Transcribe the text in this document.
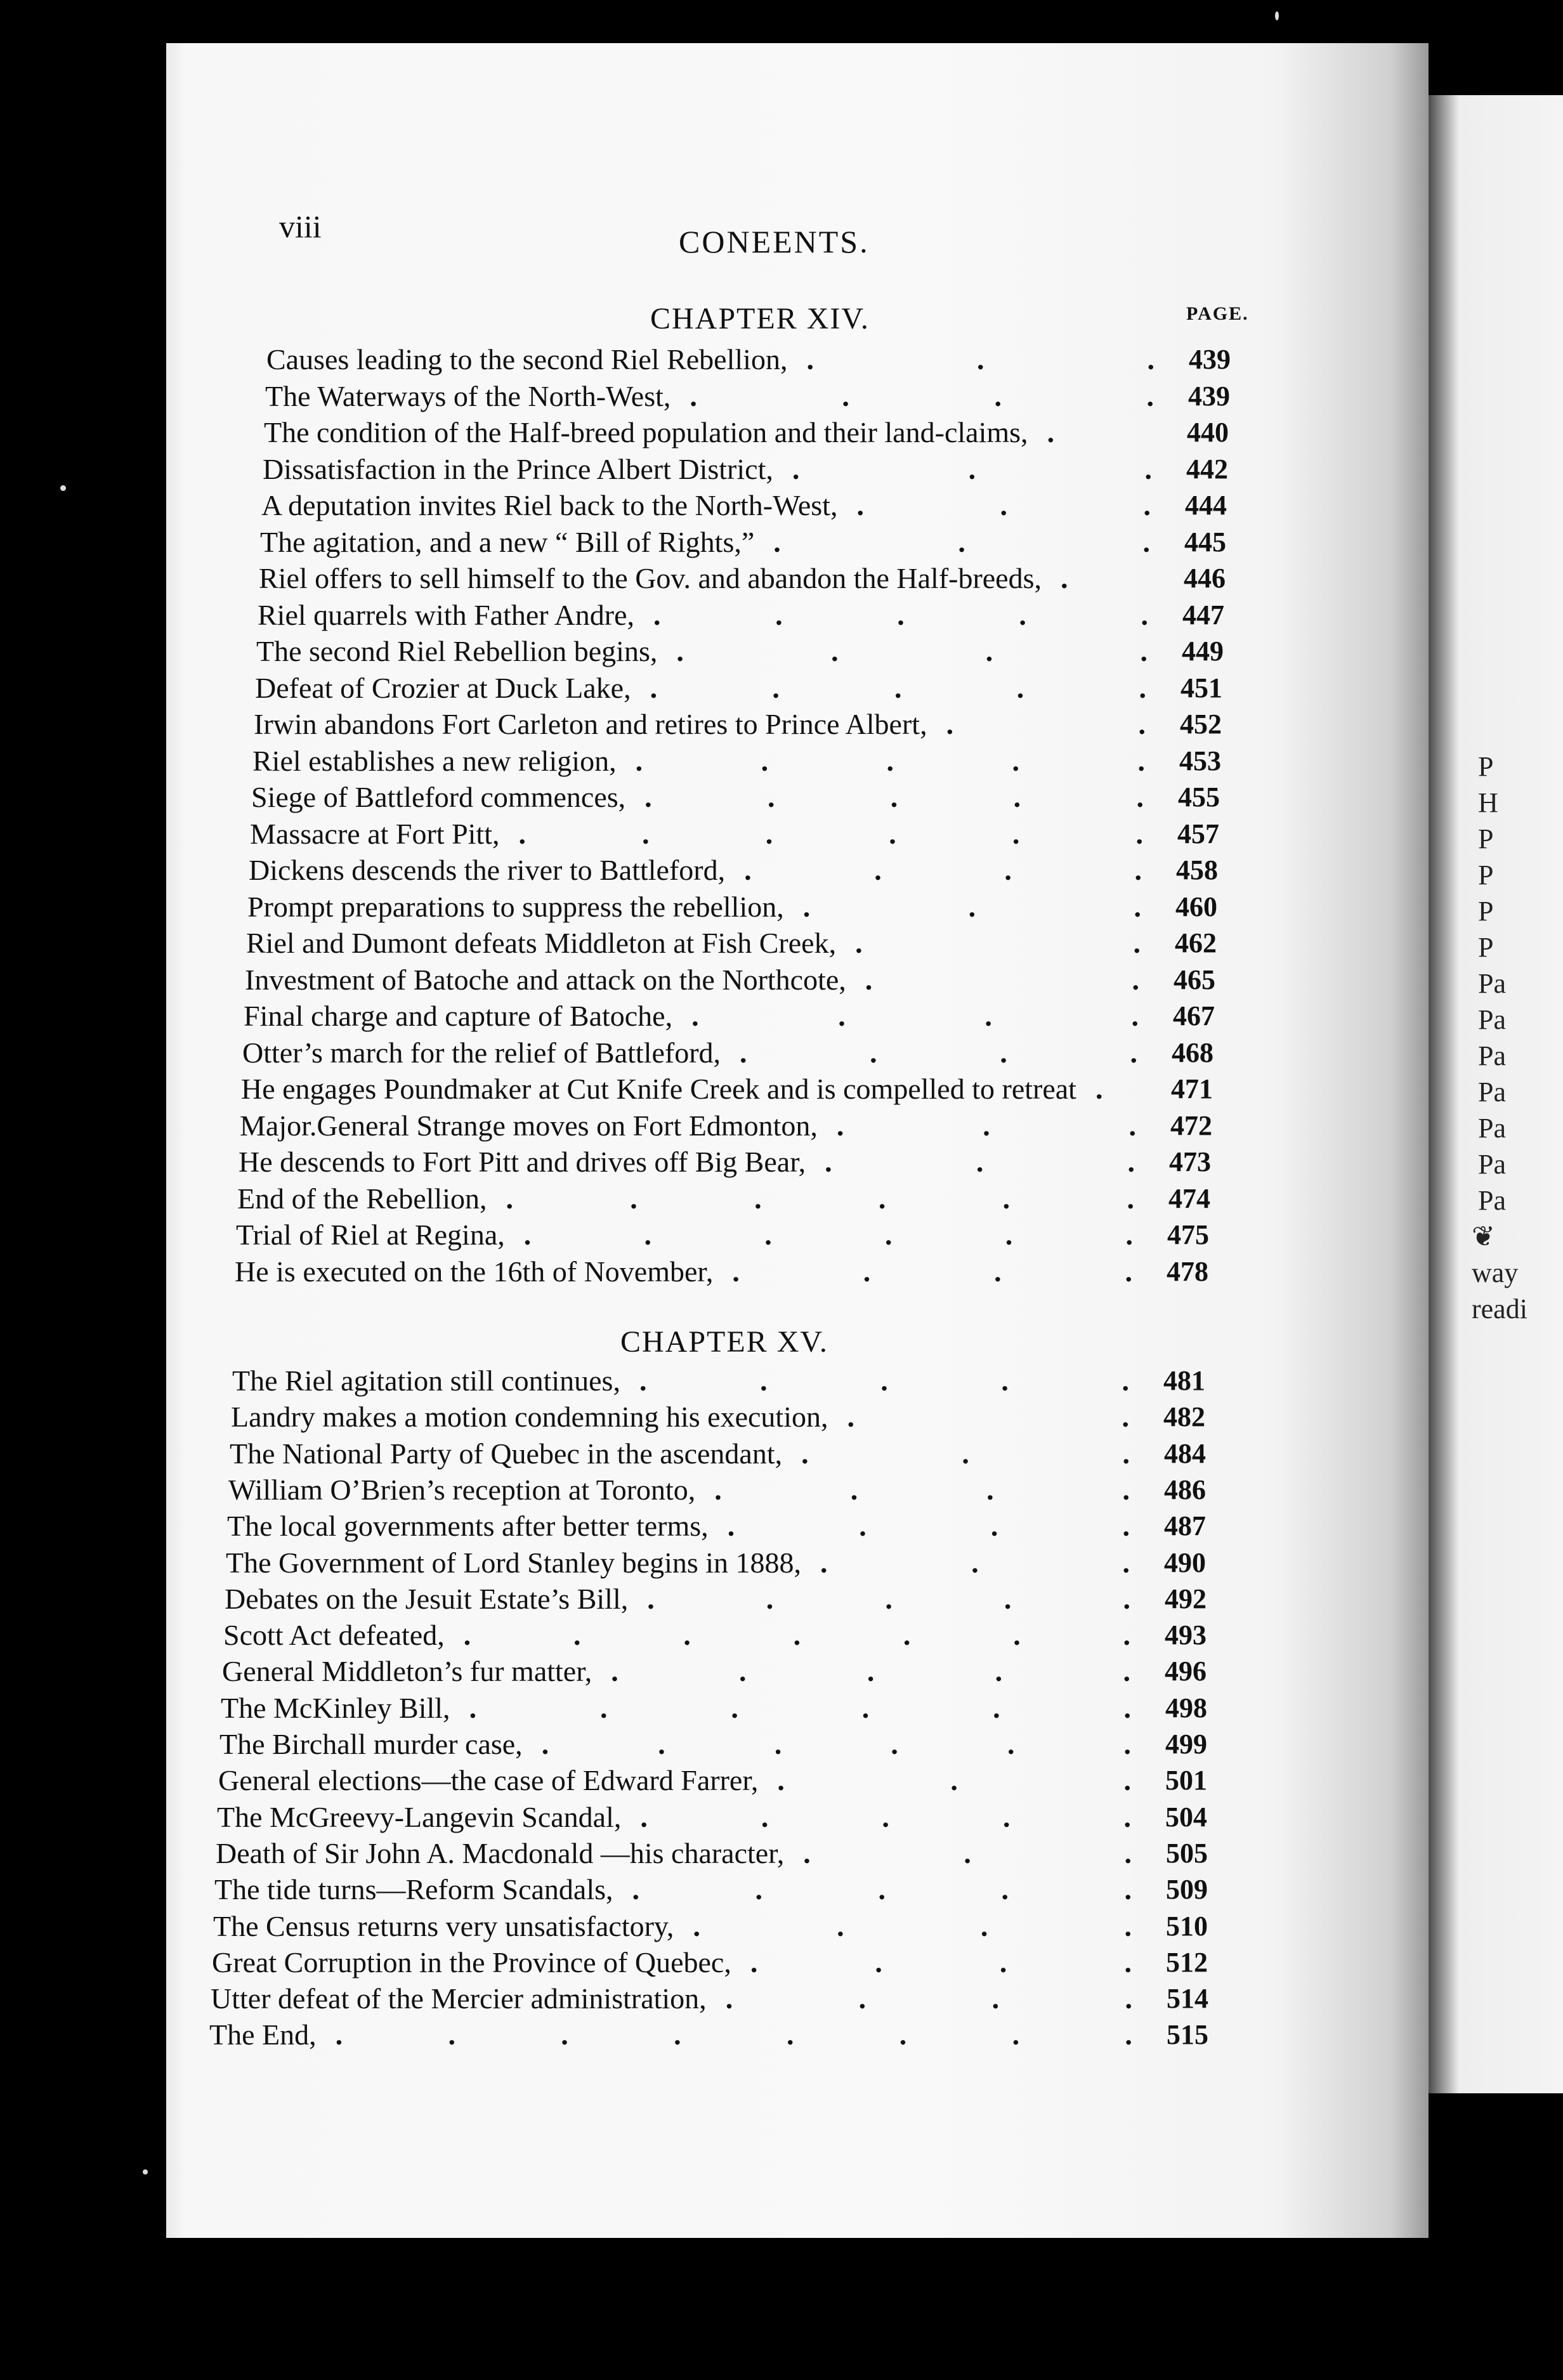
P
H
P
P
P
P
Pa
Pa
Pa
Pa
Pa
Pa
Pa
❦
way
readi
viii	CONEENTS.
PAGE.
CHAPTER XIV.
CHAPTER XV.
Causes leading to the second Riel Rebellion,	439
.	.	.
The Waterways of the North-West,	439
.	.	.	.
The condition of the Half-breed population and their land-claims,	440
.
Dissatisfaction in the Prince Albert District,	442
.	.	.
A deputation invites Riel back to the North-West,	444
.	.	.
The agitation, and a new “ Bill of Rights,”	445
.	.	.
Riel offers to sell himself to the Gov. and abandon the Half-breeds,	446
.
Riel quarrels with Father Andre,	447
.	.	.	.	.
The second Riel Rebellion begins,	449
.	.	.	.
Defeat of Crozier at Duck Lake,	451
.	.	.	.	.
Irwin abandons Fort Carleton and retires to Prince Albert,	452
.	.
Riel establishes a new religion,	453
.	.	.	.	.
Siege of Battleford commences,	455
.	.	.	.	.
Massacre at Fort Pitt,	457
.	.	.	.	.	.
Dickens descends the river to Battleford,	458
.	.	.	.
Prompt preparations to suppress the rebellion,	460
.	.	.
Riel and Dumont defeats Middleton at Fish Creek,	462
.	.
Investment of Batoche and attack on the Northcote,	465
.	.
Final charge and capture of Batoche,	467
.	.	.	.
Otter’s march for the relief of Battleford,	468
.	.	.	.
He engages Poundmaker at Cut Knife Creek and is compelled to retreat	471
.
Major.General Strange moves on Fort Edmonton,	472
.	.	.
He descends to Fort Pitt and drives off Big Bear,	473
.	.	.
End of the Rebellion,	474
.	.	.	.	.	.
Trial of Riel at Regina,	475
.	.	.	.	.	.
He is executed on the 16th of November,	478
.	.	.	.
The Riel agitation still continues,	481
.	.	.	.	.
Landry makes a motion condemning his execution,	482
.	.
The National Party of Quebec in the ascendant,	484
.	.	.
William O’Brien’s reception at Toronto,	486
.	.	.	.
The local governments after better terms,	487
.	.	.	.
The Government of Lord Stanley begins in 1888,	490
.	.	.
Debates on the Jesuit Estate’s Bill,	492
.	.	.	.	.
Scott Act defeated,	493
.	.	.	.	.	.	.
General Middleton’s fur matter,	496
.	.	.	.	.
The McKinley Bill,	498
.	.	.	.	.	.
The Birchall murder case,	499
.	.	.	.	.	.
General elections—the case of Edward Farrer,	501
.	.	.
The McGreevy-Langevin Scandal,	504
.	.	.	.	.
Death of Sir John A. Macdonald —his character,	505
.	.	.
The tide turns—Reform Scandals,	509
.	.	.	.	.
The Census returns very unsatisfactory,	510
.	.	.	.
Great Corruption in the Province of Quebec,	512
.	.	.	.
Utter defeat of the Mercier administration,	514
.	.	.	.
The End,	515
.	.	.	.	.	.	.	.
